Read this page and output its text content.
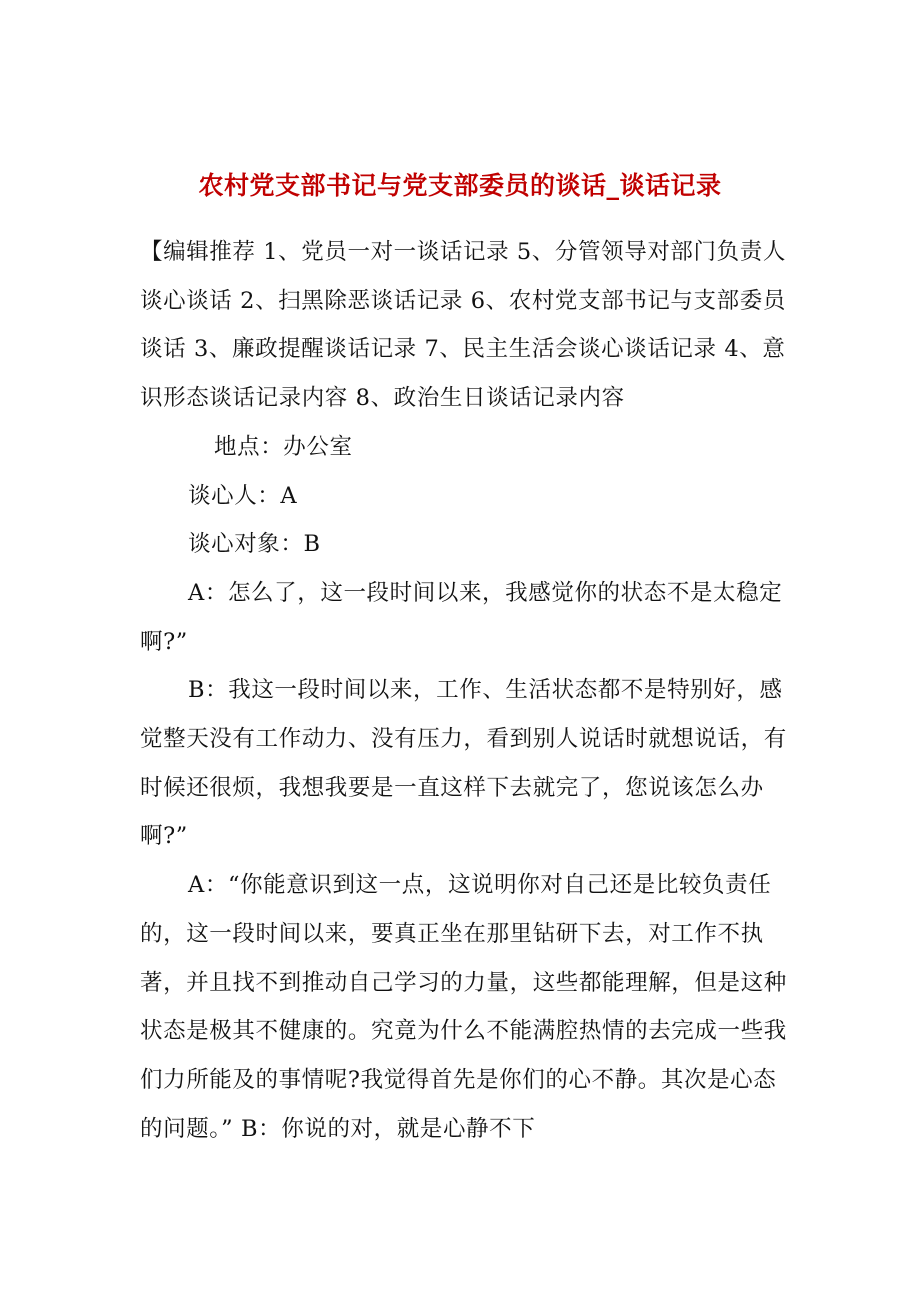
农村党支部书记与党支部委员的谈话_谈话记录

【编辑推荐 1、党员一对一谈话记录 5、分管领导对部门负责人谈心谈话 2、扫黑除恶谈话记录 6、农村党支部书记与支部委员谈话 3、廉政提醒谈话记录 7、民主生活会谈心谈话记录 4、意识形态谈话记录内容 8、政治生日谈话记录内容

地点：办公室

谈心人：A

谈心对象：B

A：怎么了，这一段时间以来，我感觉你的状态不是太稳定啊?”

B：我这一段时间以来，工作、生活状态都不是特别好，感觉整天没有工作动力、没有压力，看到别人说话时就想说话，有时候还很烦，我想我要是一直这样下去就完了，您说该怎么办啊?”

A：“你能意识到这一点，这说明你对自己还是比较负责任的，这一段时间以来，要真正坐在那里钻研下去，对工作不执著，并且找不到推动自己学习的力量，这些都能理解，但是这种状态是极其不健康的。究竟为什么不能满腔热情的去完成一些我们力所能及的事情呢?我觉得首先是你们的心不静。其次是心态的问题。” B：你说的对，就是心静不下
